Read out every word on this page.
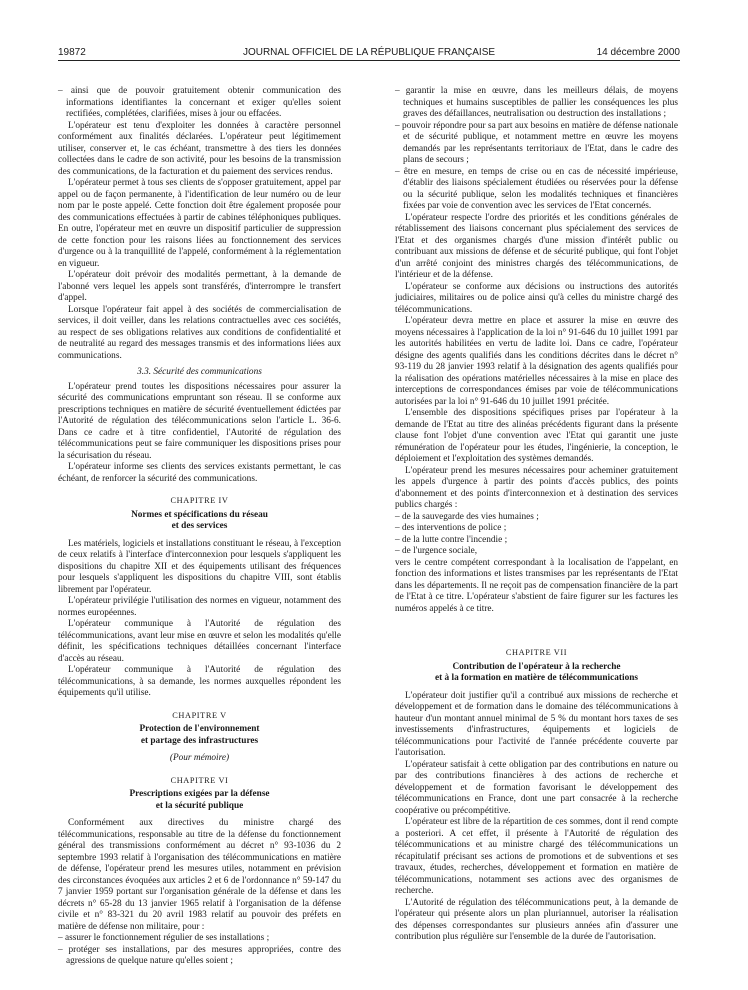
19872	JOURNAL OFFICIEL DE LA RÉPUBLIQUE FRANÇAISE	14 décembre 2000

– ainsi que de pouvoir gratuitement obtenir communication des informations identifiantes la concernant et exiger qu'elles soient rectifiées, complétées, clarifiées, mises à jour ou effacées.

L'opérateur est tenu d'exploiter les données à caractère personnel conformément aux finalités déclarées. L'opérateur peut légitimement utiliser, conserver et, le cas échéant, transmettre à des tiers les données collectées dans le cadre de son activité, pour les besoins de la transmission des communications, de la facturation et du paiement des services rendus.

L'opérateur permet à tous ses clients de s'opposer gratuitement, appel par appel ou de façon permanente, à l'identification de leur numéro ou de leur nom par le poste appelé. Cette fonction doit être également proposée pour des communications effectuées à partir de cabines téléphoniques publiques. En outre, l'opérateur met en œuvre un dispositif particulier de suppression de cette fonction pour les raisons liées au fonctionnement des services d'urgence ou à la tranquillité de l'appelé, conformément à la réglementation en vigueur.

L'opérateur doit prévoir des modalités permettant, à la demande de l'abonné vers lequel les appels sont transférés, d'interrompre le transfert d'appel.

Lorsque l'opérateur fait appel à des sociétés de commercialisation de services, il doit veiller, dans les relations contractuelles avec ces sociétés, au respect de ses obligations relatives aux conditions de confidentialité et de neutralité au regard des messages transmis et des informations liées aux communications.

3.3. Sécurité des communications

L'opérateur prend toutes les dispositions nécessaires pour assurer la sécurité des communications empruntant son réseau. Il se conforme aux prescriptions techniques en matière de sécurité éventuellement édictées par l'Autorité de régulation des télécommunications selon l'article L. 36-6. Dans ce cadre et à titre confidentiel, l'Autorité de régulation des télécommunications peut se faire communiquer les dispositions prises pour la sécurisation du réseau.

L'opérateur informe ses clients des services existants permettant, le cas échéant, de renforcer la sécurité des communications.

CHAPITRE IV
Normes et spécifications du réseau
et des services

Les matériels, logiciels et installations constituant le réseau, à l'exception de ceux relatifs à l'interface d'interconnexion pour lesquels s'appliquent les dispositions du chapitre XII et des équipements utilisant des fréquences pour lesquels s'appliquent les dispositions du chapitre VIII, sont établis librement par l'opérateur.

L'opérateur privilégie l'utilisation des normes en vigueur, notamment des normes européennes.

L'opérateur communique à l'Autorité de régulation des télécommunications, avant leur mise en œuvre et selon les modalités qu'elle définit, les spécifications techniques détaillées concernant l'interface d'accès au réseau.

L'opérateur communique à l'Autorité de régulation des télécommunications, à sa demande, les normes auxquelles répondent les équipements qu'il utilise.

CHAPITRE V
Protection de l'environnement
et partage des infrastructures
(Pour mémoire)
CHAPITRE VI
Prescriptions exigées par la défense
et la sécurité publique

Conformément aux directives du ministre chargé des télécommunications, responsable au titre de la défense du fonctionnement général des transmissions conformément au décret n° 93-1036 du 2 septembre 1993 relatif à l'organisation des télécommunications en matière de défense, l'opérateur prend les mesures utiles, notamment en prévision des circonstances évoquées aux articles 2 et 6 de l'ordonnance n° 59-147 du 7 janvier 1959 portant sur l'organisation générale de la défense et dans les décrets n° 65-28 du 13 janvier 1965 relatif à l'organisation de la défense civile et n° 83-321 du 20 avril 1983 relatif au pouvoir des préfets en matière de défense non militaire, pour :

– assurer le fonctionnement régulier de ses installations ;

– protéger ses installations, par des mesures appropriées, contre des agressions de quelque nature qu'elles soient ;

– garantir la mise en œuvre, dans les meilleurs délais, de moyens techniques et humains susceptibles de pallier les conséquences les plus graves des défaillances, neutralisation ou destruction des installations ;

– pouvoir répondre pour sa part aux besoins en matière de défense nationale et de sécurité publique, et notamment mettre en œuvre les moyens demandés par les représentants territoriaux de l'Etat, dans le cadre des plans de secours ;

– être en mesure, en temps de crise ou en cas de nécessité impérieuse, d'établir des liaisons spécialement étudiées ou réservées pour la défense ou la sécurité publique, selon les modalités techniques et financières fixées par voie de convention avec les services de l'Etat concernés.

L'opérateur respecte l'ordre des priorités et les conditions générales de rétablissement des liaisons concernant plus spécialement des services de l'Etat et des organismes chargés d'une mission d'intérêt public ou contribuant aux missions de défense et de sécurité publique, qui font l'objet d'un arrêté conjoint des ministres chargés des télécommunications, de l'intérieur et de la défense.

L'opérateur se conforme aux décisions ou instructions des autorités judiciaires, militaires ou de police ainsi qu'à celles du ministre chargé des télécommunications.

L'opérateur devra mettre en place et assurer la mise en œuvre des moyens nécessaires à l'application de la loi n° 91-646 du 10 juillet 1991 par les autorités habilitées en vertu de ladite loi. Dans ce cadre, l'opérateur désigne des agents qualifiés dans les conditions décrites dans le décret n° 93-119 du 28 janvier 1993 relatif à la désignation des agents qualifiés pour la réalisation des opérations matérielles nécessaires à la mise en place des interceptions de correspondances émises par voie de télécommunications autorisées par la loi n° 91-646 du 10 juillet 1991 précitée.

L'ensemble des dispositions spécifiques prises par l'opérateur à la demande de l'Etat au titre des alinéas précédents figurant dans la présente clause font l'objet d'une convention avec l'Etat qui garantit une juste rémunération de l'opérateur pour les études, l'ingénierie, la conception, le déploiement et l'exploitation des systèmes demandés.

L'opérateur prend les mesures nécessaires pour acheminer gratuitement les appels d'urgence à partir des points d'accès publics, des points d'abonnement et des points d'interconnexion et à destination des services publics chargés :

– de la sauvegarde des vies humaines ;

– des interventions de police ;

– de la lutte contre l'incendie ;

– de l'urgence sociale,

vers le centre compétent correspondant à la localisation de l'appelant, en fonction des informations et listes transmises par les représentants de l'Etat dans les départements. Il ne reçoit pas de compensation financière de la part de l'Etat à ce titre. L'opérateur s'abstient de faire figurer sur les factures les numéros appelés à ce titre.

CHAPITRE VII
Contribution de l'opérateur à la recherche
et à la formation en matière de télécommunications

L'opérateur doit justifier qu'il a contribué aux missions de recherche et développement et de formation dans le domaine des télécommunications à hauteur d'un montant annuel minimal de 5 % du montant hors taxes de ses investissements d'infrastructures, équipements et logiciels de télécommunications pour l'activité de l'année précédente couverte par l'autorisation.

L'opérateur satisfait à cette obligation par des contributions en nature ou par des contributions financières à des actions de recherche et développement et de formation favorisant le développement des télécommunications en France, dont une part consacrée à la recherche coopérative ou précompétitive.

L'opérateur est libre de la répartition de ces sommes, dont il rend compte a posteriori. A cet effet, il présente à l'Autorité de régulation des télécommunications et au ministre chargé des télécommunications un récapitulatif précisant ses actions de promotions et de subventions et ses travaux, études, recherches, développement et formation en matière de télécommunications, notamment ses actions avec des organismes de recherche.

L'Autorité de régulation des télécommunications peut, à la demande de l'opérateur qui présente alors un plan pluriannuel, autoriser la réalisation des dépenses correspondantes sur plusieurs années afin d'assurer une contribution plus régulière sur l'ensemble de la durée de l'autorisation.
